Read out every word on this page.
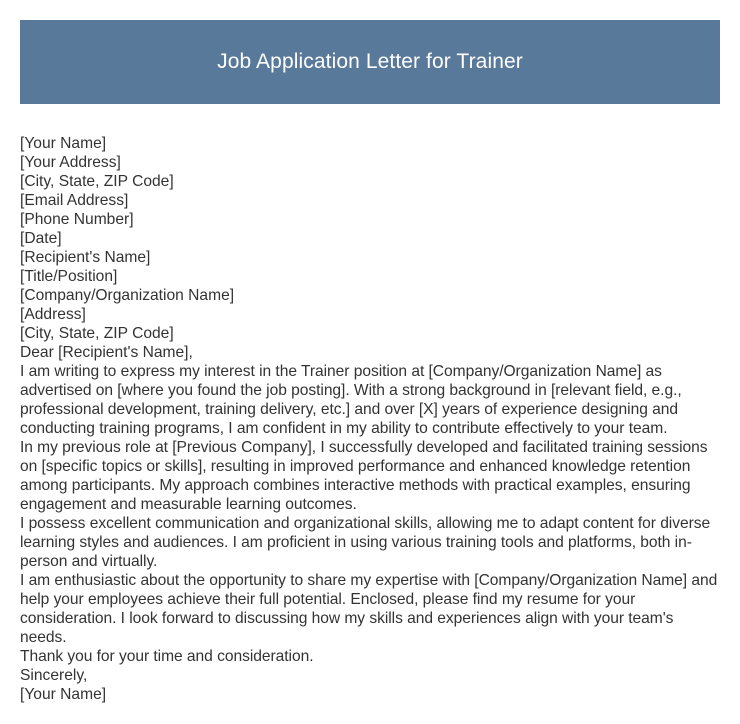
Job Application Letter for Trainer
[Your Name]
[Your Address]
[City, State, ZIP Code]
[Email Address]
[Phone Number]
[Date]
[Recipient's Name]
[Title/Position]
[Company/Organization Name]
[Address]
[City, State, ZIP Code]
Dear [Recipient's Name],
I am writing to express my interest in the Trainer position at [Company/Organization Name] as advertised on [where you found the job posting]. With a strong background in [relevant field, e.g., professional development, training delivery, etc.] and over [X] years of experience designing and conducting training programs, I am confident in my ability to contribute effectively to your team.
In my previous role at [Previous Company], I successfully developed and facilitated training sessions on [specific topics or skills], resulting in improved performance and enhanced knowledge retention among participants. My approach combines interactive methods with practical examples, ensuring engagement and measurable learning outcomes.
I possess excellent communication and organizational skills, allowing me to adapt content for diverse learning styles and audiences. I am proficient in using various training tools and platforms, both in-person and virtually.
I am enthusiastic about the opportunity to share my expertise with [Company/Organization Name] and help your employees achieve their full potential. Enclosed, please find my resume for your consideration. I look forward to discussing how my skills and experiences align with your team's needs.
Thank you for your time and consideration.
Sincerely,
[Your Name]
